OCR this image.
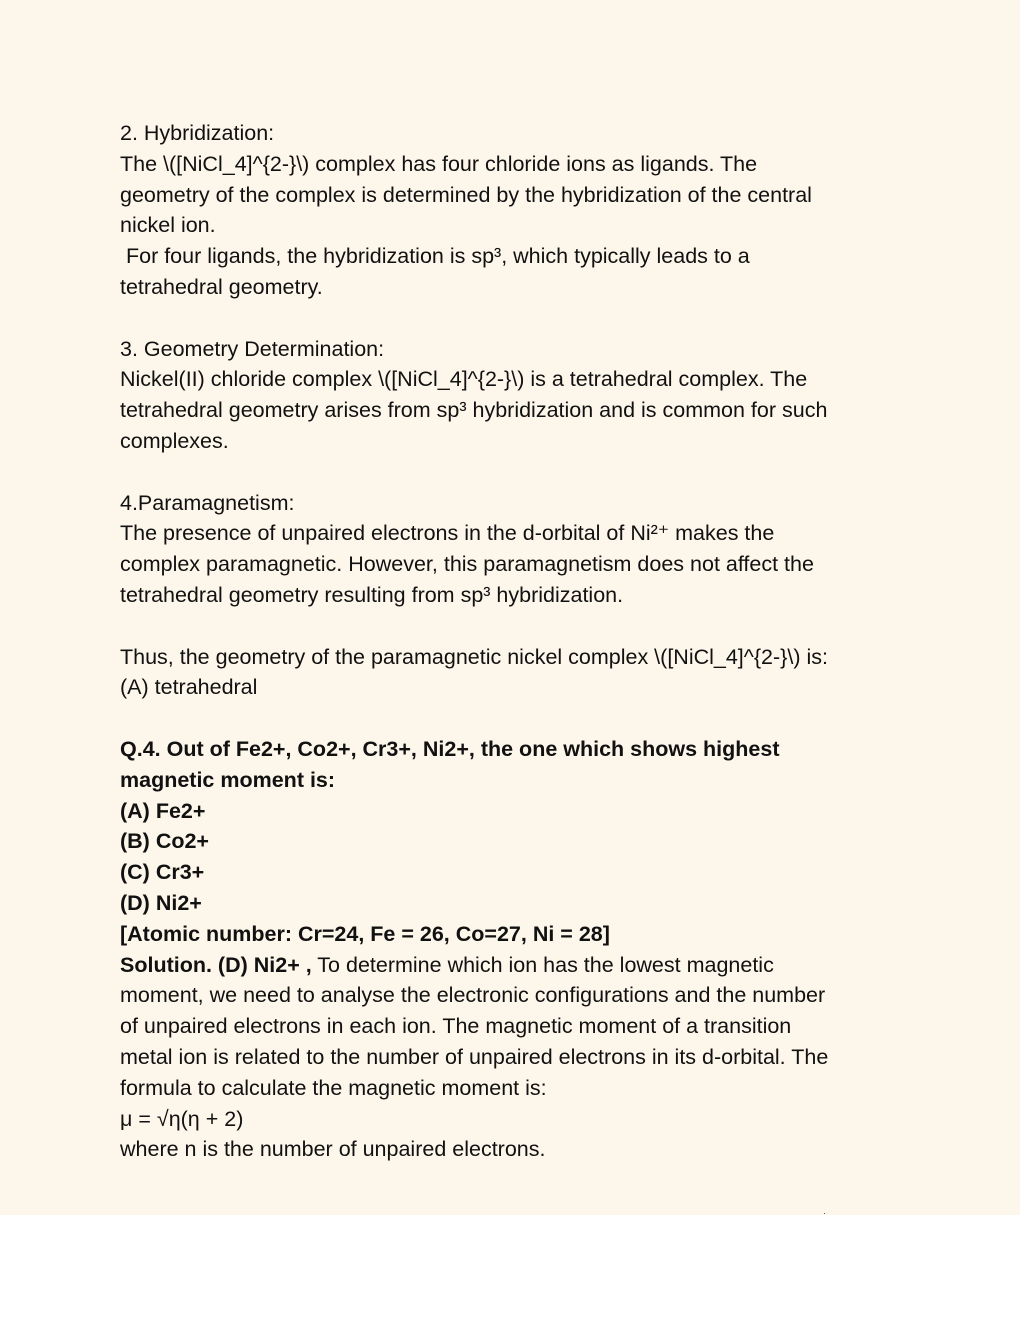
2. Hybridization:
The \([NiCl_4]^{2-}\) complex has four chloride ions as ligands. The
geometry of the complex is determined by the hybridization of the central
nickel ion.
For four ligands, the hybridization is sp³, which typically leads to a
tetrahedral geometry.
3. Geometry Determination:
Nickel(II) chloride complex \([NiCl_4]^{2-}\) is a tetrahedral complex. The
tetrahedral geometry arises from sp³ hybridization and is common for such
complexes.
4.Paramagnetism:
The presence of unpaired electrons in the d-orbital of Ni²⁺ makes the
complex paramagnetic. However, this paramagnetism does not affect the
tetrahedral geometry resulting from sp³ hybridization.
Thus, the geometry of the paramagnetic nickel complex \([NiCl_4]^{2-}\) is:
(A) tetrahedral
Q.4. Out of Fe2+, Co2+, Cr3+, Ni2+, the one which shows highest
magnetic moment is:
(A) Fe2+
(B) Co2+
(C) Cr3+
(D) Ni2+
[Atomic number: Cr=24, Fe = 26, Co=27, Ni = 28]
Solution. (D) Ni2+ , To determine which ion has the lowest magnetic
moment, we need to analyse the electronic configurations and the number
of unpaired electrons in each ion. The magnetic moment of a transition
metal ion is related to the number of unpaired electrons in its d-orbital. The
formula to calculate the magnetic moment is:
μ = √η(η + 2)
where n is the number of unpaired electrons.
